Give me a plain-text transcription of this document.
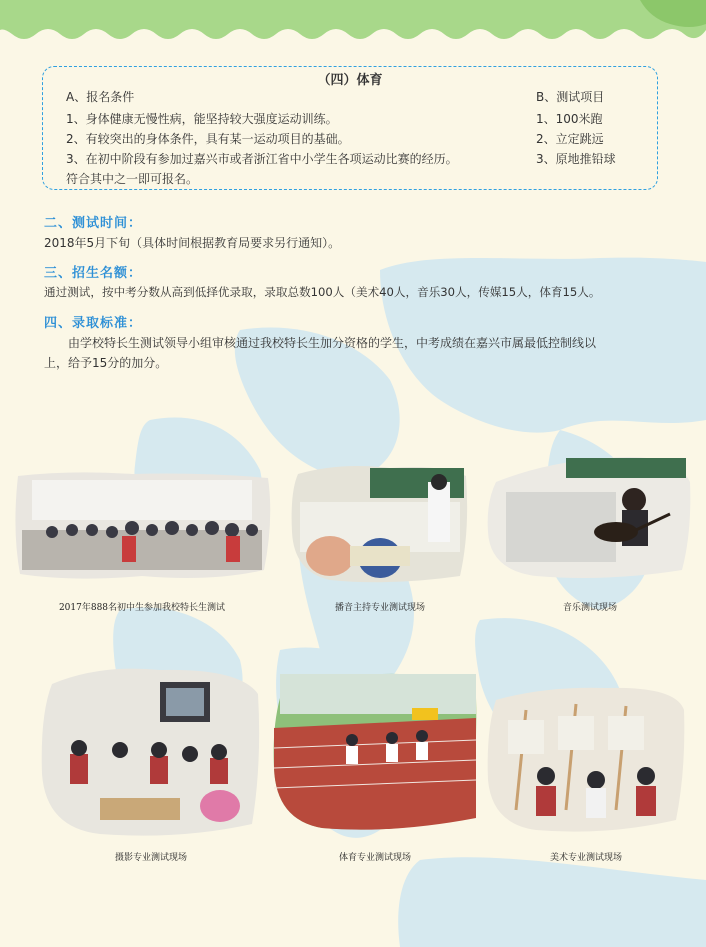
（四）体育
A、报名条件
1、身体健康无慢性病，能坚持较大强度运动训练。
2、有较突出的身体条件，具有某一运动项目的基础。
3、在初中阶段有参加过嘉兴市或者浙江省中小学生各项运动比赛的经历。
符合其中之一即可报名。
B、测试项目
1、100米跑
2、立定跳远
3、原地推铅球
二、测试时间：
2018年5月下旬（具体时间根据教育局要求另行通知）。
三、招生名额：
通过测试，按中考分数从高到低择优录取，录取总数100人（美术40人，音乐30人，传媒15人，体育15人。
四、录取标准：
由学校特长生测试领导小组审核通过我校特长生加分资格的学生，中考成绩在嘉兴市属最低控制线以
上，给予15分的加分。
2017年888名初中生参加我校特长生测试	播音主持专业测试现场	音乐测试现场
摄影专业测试现场	体育专业测试现场	美术专业测试现场
